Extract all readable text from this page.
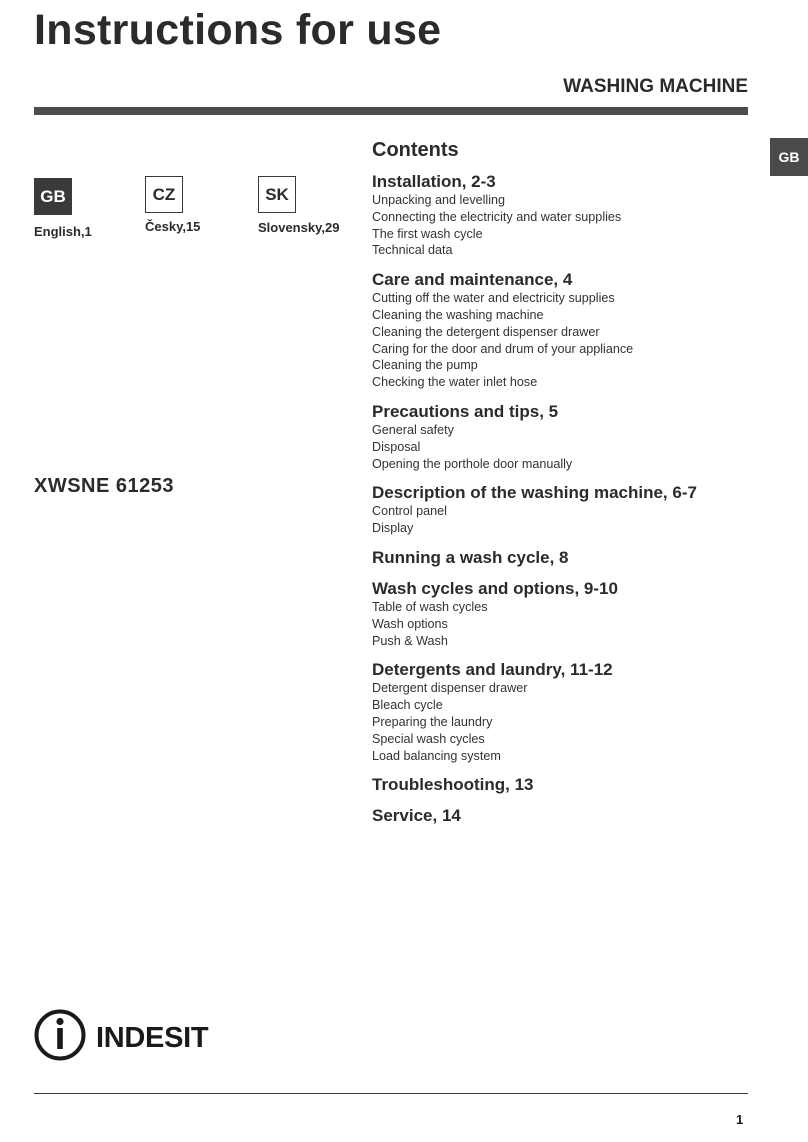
Instructions for use
WASHING MACHINE
GB
GB
English,1
CZ
Česky,15
SK
Slovensky,29
XWSNE 61253
Contents
Installation, 2-3
Unpacking and levelling
Connecting the electricity and water supplies
The first wash cycle
Technical data
Care and maintenance, 4
Cutting off the water and electricity supplies
Cleaning the washing machine
Cleaning the detergent dispenser drawer
Caring for the door and drum of your appliance
Cleaning the pump
Checking the water inlet hose
Precautions and tips, 5
General safety
Disposal
Opening the porthole door manually
Description of the washing machine, 6-7
Control panel
Display
Running a wash cycle, 8
Wash cycles and options, 9-10
Table of wash cycles
Wash options
Push & Wash
Detergents and laundry, 11-12
Detergent dispenser drawer
Bleach cycle
Preparing the laundry
Special wash cycles
Load balancing system
Troubleshooting, 13
Service, 14
INDESIT
1
